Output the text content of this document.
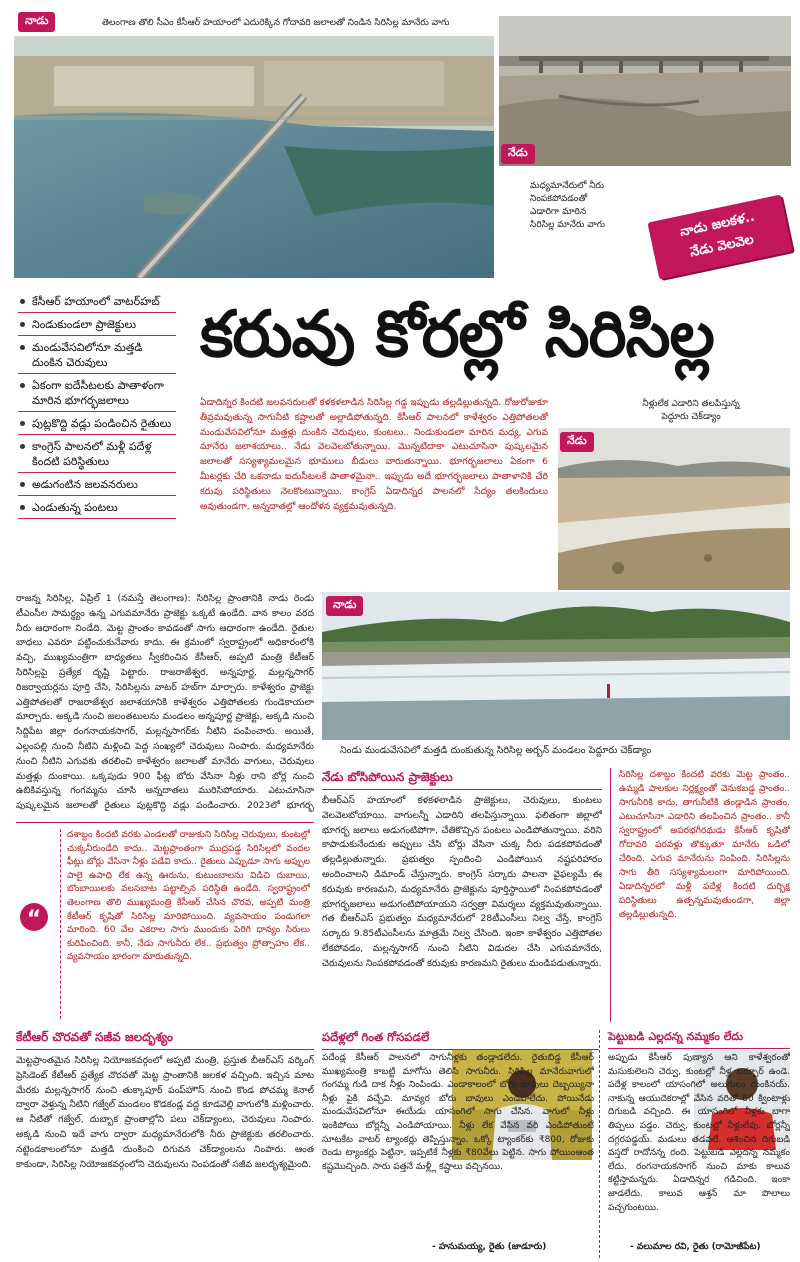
నాడు	తెలంగాణ తొలి సీఎం కేసీఆర్ హయాంలో ఎదురెక్కిన గోదావరి జలాలతో నిండిన సిరిసిల్ల మానేరు వాగు
నేడు
మధ్యమానేరులో నీరు
నింపకపోవడంతో
ఎడారిగా మారిన
సిరిసిల్ల మానేరు వాగు	నాడు జలకళ..
నేడు వెలవెల
కేసీఆర్ హయాంలో వాటర్‌హబ్
నిండుకుండలా ప్రాజెక్టులు
మండువేసవిలోనూ మత్తడి దుంకిన చెరువులు
ఏకంగా ఐదేసీటలకు పాతాళంగా మారిన భూగర్భజలాలు
పుట్లకొద్ది వడ్లు పండించిన రైతులు
కాంగ్రెస్ పాలనలో మళ్లీ పదేళ్ల కిందటి పరిస్థితులు
అడుగంటిన జలవనరులు
ఎండుతున్న పంటలు
కరువు కోరల్లో సిరిసిల్ల
ఏడాదిన్నర కిందటి జలవనరులతో కళకళలాడిన సిరిసిల్ల గడ్డ ఇప్పుడు తల్లడిల్లుతున్నది. రోజురోజుకూ తీవ్రమవుతున్న సాగునీటి కష్టాలతో అల్లాడిపోతున్నది. కేసీఆర్ పాలనలో కాళేశ్వరం ఎత్తిపోతలతో మండువేసవిలోనూ మత్తళ్లు దుంకిన చెరువులు, కుంటలు.. నిండుకుండలా మారిన మధ్య, ఎగువ మానేరు జలాశయాలు.. నేడు వెలవెలబోతున్నాయి. మొన్నటిదాకా ఎటుచూసినా పుష్కలమైన జలాలతో సస్యశ్యామలమైన భూములు బీడులు వారుతున్నాయి. భూగర్భజలాలు ఏకంగా 6 మీటర్లకు చేరి ఒకనాడు ఐదుసీటలకే పాతాళమైనా.. ఇప్పుడు అదే భూగర్భజలాలు పాతాళానికి చేరి కరువు పరిస్థితులు నెలకొంటున్నాయి. కాంగ్రెస్ ఏడాదిన్నర పాలనలో సేద్యం తలకిందులు అవుతుండగా, అన్నదాతల్లో ఆందోళన వ్యక్తమవుతున్నది.
నీళ్లులేక ఎడారిని తలపిస్తున్న
పెద్దూరు చెక్‌డ్యాం
నేడు
రాజన్న సిరిసిల్ల, ఏప్రిల్ 1 (నమస్తే తెలంగాణ): సిరిసిల్ల ప్రాంతానికి నాడు రెండు టీఎంసీల సామర్థ్యం ఉన్న ఎగువమానేరు ప్రాజెక్టు ఒక్కటే ఉండేది. వాన కాలం వరద నీరు ఆధారంగా నిండేది. మెట్ట ప్రాంతం కావడంతో సాగు ఆధారంగా ఉండేది. రైతుల బాధలు ఎవరూ పట్టించుకునేవారు కాదు. ఈ క్రమంలో స్వరాష్ట్రంలో అధికారంలోకి వచ్చి, ముఖ్యమంత్రిగా బాధ్యతలు స్వీకరించిన కేసీఆర్, అప్పటి మంత్రి కేటీఆర్ సిరిసిల్లపై ప్రత్యేక దృష్టి పెట్టారు. రాజరాజేశ్వర, అన్నపూర్ణ, మల్లన్నసాగర్ రిజర్వాయర్లను పూర్తి చేసి, సిరిసిల్లను వాటర్ హబ్‌గా మార్చారు. కాళేశ్వరం ప్రాజెక్టు ఎత్తిపోతలతో రాజరాజేశ్వర జలాశయానికి కాళేశ్వరం ఎత్తిపోతలకు గుండెకాయలా మార్చారు. అక్కడి నుంచి జలంతటులను మండలం అన్నపూర్ణ ప్రాజెక్టు, అక్కడి నుంచి సిద్దిపేట జిల్లా రంగనాయకసాగర్, మల్లన్నసాగర్‌కు నీటిని పంపించారు. అయితే, ఎల్లంపల్లి నుంచి నీటిని మళ్లించి పెద్ద సంఖ్యలో చెరువులు నింపారు. మధ్యమానేరు నుంచి నీటిని ఎగువకు తరలించి కాళేశ్వరం జలాలతో మానేరు వాగులు, చెరువులు మత్తళ్లు దుంకాయి. ఒక్కపుడు 900 ఫీట్ల బోరు వేసినా నీళ్లు రాని బోర్ల నుంచి ఉబికివస్తున్న గంగమ్మను చూసి అన్నదాతలు మురిసిపోయారు. ఎటుచూసినా పుష్కలమైన జలాలతో రైతులు పుట్లకొద్ది వడ్లు పండించారు. 2023లో భూగర్భ
“
దశాబ్దం కిందటి వరకు ఎండలతో రాజుకుని సిరిసిల్ల చెరువులు, కుంటల్లో చుక్కనీరుండేది కాదు.. మెట్టప్రాంతంగా ముద్రపడ్డ సిరిసిల్లలో వందల ఫీట్లు బోర్లు వేసినా నీళ్లు పడేవి కాదు.. రైతులు ఎప్పుడూ సాగు అప్పుల పాలై ఉపాధి లేక ఉన్న ఊరును, కుటుంబాలను విడిచి దుబాయి, బొంబాయిలకు వలసబాట పట్టాల్సిన పరిస్థితి ఉండేది. స్వరాష్ట్రంలో తెలంగాణ తొలి ముఖ్యమంత్రి కేసీఆర్ చేసిన చొరవ, అప్పటి మంత్రి కేటీఆర్ కృషితో సిరిసిల్ల మారిపోయింది. వ్యవసాయం పండుగలా మారింది. 60 వేల ఎకరాల సాగు ముందుకు పెరిగి ధాన్యం సిరులు కురిపించింది. కానీ, నేడు సాగునీరు లేక.. ప్రభుత్వం ప్రోత్సాహం లేక.. వ్యవసాయం భారంగా మారుతున్నది.
కేటీఆర్ చొరవతో సజీవ జలదృశ్యం
మెట్టప్రాంతమైన సిరిసిల్ల నియోజకవర్గంలో అప్పటి మంత్రి, ప్రస్తుత బీఆర్‌ఎస్ వర్కింగ్ ప్రెసిడెంట్ కేటీఆర్ ప్రత్యేక చొరవతో మెట్ట ప్రాంతానికి జలకళ వచ్చింది. ఇచ్చిన మాట మేరకు మల్లన్నసాగర్ నుంచి తుక్కాపూర్ పంప్‌హౌస్ నుంచి కొండ పోచమ్మ కెనాల్ ద్వారా వెళ్తున్న నీటిని గజ్వేల్ మండలం కొడకండ్ల వద్ద కూడవెల్లి వాగులోకి మళ్లించారు. ఆ నీటితో గజ్వేల్, దుబ్బాక ప్రాంతాల్లోని పలు చెక్‌డ్యాంలు, చెరువులు నింపారు. అక్కడి నుంచి ఇదే వాగు ద్వారా మధ్యమానేరులోకి నీరు ప్రాజెక్టుకు తరలించారు. నట్టెండకాలంలోనూ మత్తడి దుంకించి దిగువన చెక్‌డ్యాంలను నింపారు. ఆంత కాకుండా, సిరిసిల్ల నియోజకవర్గంలోని చెరువులను నింపడంతో సజీవ జలదృశ్యమైంది.
నాడు
నిండు మండువేసవిలో మత్తడి దుంకుతున్న సిరిసిల్ల అర్బన్ మండలం పెద్దూరు చెక్‌డ్యాం
నేడు బోసిపోయిన ప్రాజెక్టులు
బీఆర్‌ఎస్ హయాంలో కళకళలాడిన ప్రాజెక్టులు, చెరువులు, కుంటలు వెలవెలబోయాయి. వాగులన్నీ ఎడారిని తలపిస్తున్నాయి. ఫలితంగా జిల్లాలో భూగర్భ జలాలు అడుగంటిపోగా, చేతికొచ్చిన పంటలు ఎండిపోతున్నాయి. వరిని కాపాడుకునేందుకు అప్పులు చేసి బోర్లు వేసినా చుక్క నీరు పడకపోవడంతో తల్లడిల్లుతున్నారు. ప్రభుత్వం స్పందించి ఎండిపోయిన నష్టపరిహారం అందించాలని డిమాండ్ చేస్తున్నారు. కాంగ్రెస్ సర్కారు పాలనా వైఫల్యమే ఈ కరువుకు కారణమని, మధ్యమానేరు ప్రాజెక్టును పూర్తిస్థాయిలో నింపకపోవడంతో భూగర్భజలాలు అడుగంటిపోయాయని సర్వత్రా విమర్శలు వ్యక్తమవుతున్నాయి. గత బీఆర్‌ఎస్ ప్రభుత్వం మధ్యమానేరులో 28టీఎంసీలు నిల్వ చేస్తే, కాంగ్రెస్ సర్కారు 9.85టీఎంసీలను మాత్రమే నిల్వ చేసింది. ఇంకా కాళేశ్వరం ఎత్తిపోతల లేకపోవడం, మల్లన్నసాగర్ నుంచి నీటిని విడుదల చేసి ఎగువమానేరు, చెరువులను నింపకపోవడంతో కరువుకు కారణమని రైతులు మండిపడుతున్నారు.
సిరిసిల్ల దశాబ్దం కిందటి వరకు మెట్ట ప్రాంతం.. ఉమ్మడి పాలకుల నిర్లక్ష్యంతో వెనుకబడ్డ ప్రాంతం.. సాగునీరికి కాదు, తాగునీటికి తండ్లాడిన ప్రాంతం. ఎటుచూసినా ఎడారిని తలపించిన ప్రాంతం.. కానీ స్వరాష్ట్రంలో అపరభగీరథుడు కేసీఆర్ కృషితో గోదావరి పరవళ్లు తొక్కుతూ మానేరు ఒడిలో చేరింది. ఎగువ మానేరును నింపింది. సిరిసిల్లను సాగు తీరి సస్యశ్యామలంగా మారిపోయింది. ఏడాదిన్నరలో మళ్లీ పదేళ్ల కిందటి దుర్భిక్ష పరిస్థితులు ఉత్పన్నమవుతుండగా, జిల్లా తల్లడిల్లుతున్నది.
పదేళ్లలో గింత గోసపడలే
పదేండ్ల కేసీఆర్ పాలనలో సాగునీళ్లకు తండ్లాడలేదు. రైతుబిడ్డ కేసీఆర్ ముఖ్యమంత్రి కాబట్టి మాగోసు తెలిసి సాగునీరు. సిరిసిల్ల మానేరువాగులో గంగమ్మ గుడి దాక నీళ్లు నింపిండు. ఎండాకాలంలో బోరు బావులు దెబ్బయ్యినా నీళ్లు పైకి వచ్చేవి. మావ్యర బోరు బావులు ఎండిపోలేదు. పోయినేడు మండువేసవిలోనూ ఈయేడు యాసంగిలో సాగు చేసిన. వాగులో నీళ్లు ఇంకిపోయి బోర్లన్నీ ఎండిపోయాయి. నీళ్లు లేక వేసిన వరి ఎండిపోతుంటే సూటకేట వాటర్ ట్యాంకర్లు తెప్పిస్తున్నాం. ఒక్కో ట్యాంకర్‌కు ₹800, రోజుకు రెండు ట్యాంకర్లు పెట్టినా, ఇప్పటికే నీళ్లకు ₹80వేలు పెట్టిన. సాగు పోయింఆంత కష్టమొచ్చింది. సారు పత్తనే మళ్ల్లీ కష్టాలు వచ్చినయి.
- హనుమయ్య, రైతు (జాడూరు)
పెట్టుబడి ఎల్లదన్న నమ్మకం లేదు
అప్పుడు కేసీఆర్ పుణ్యాన ఆని కాళేశ్వరంతో మసుకులెలని చెర్వు, కుంటల్లో నీళ్ల బర్పూర్ ఉండె. పదేళ్ల కాలంలో యాసంగిలో అలుగులు దుంకినయ్. నాకున్న ఆయుదెకరాల్లో వేసిన వరితో 80 క్వింటాళ్లు దిగుబడి వచ్చింది. ఈ యాసంగిలో నీళ్లకు బాగా తిప్పలు పడ్డం. చెర్వు, కుంటల్లో నీళ్లులేవు. బోర్లన్నీ దగ్గరపడ్డయ్. మడులు తడవలే. ఆశించిన దిగుబడి వస్తదో రాదోనన్న రంది. పెట్టుబడి ఎల్లదన్న నమ్మకం లేదు. రంగనాయకసాగర్ నుంచి మాకు కాలువ కట్టిస్తామన్నరు. ఏడాదిన్నర గడిచింది. ఇంకా జాడలేదు. కాలువ ఆశ్తన్ మా పొలాలు పచ్చగుంటయి.
- వలుమాల రవి, రైతు (రామోజీపేట)
